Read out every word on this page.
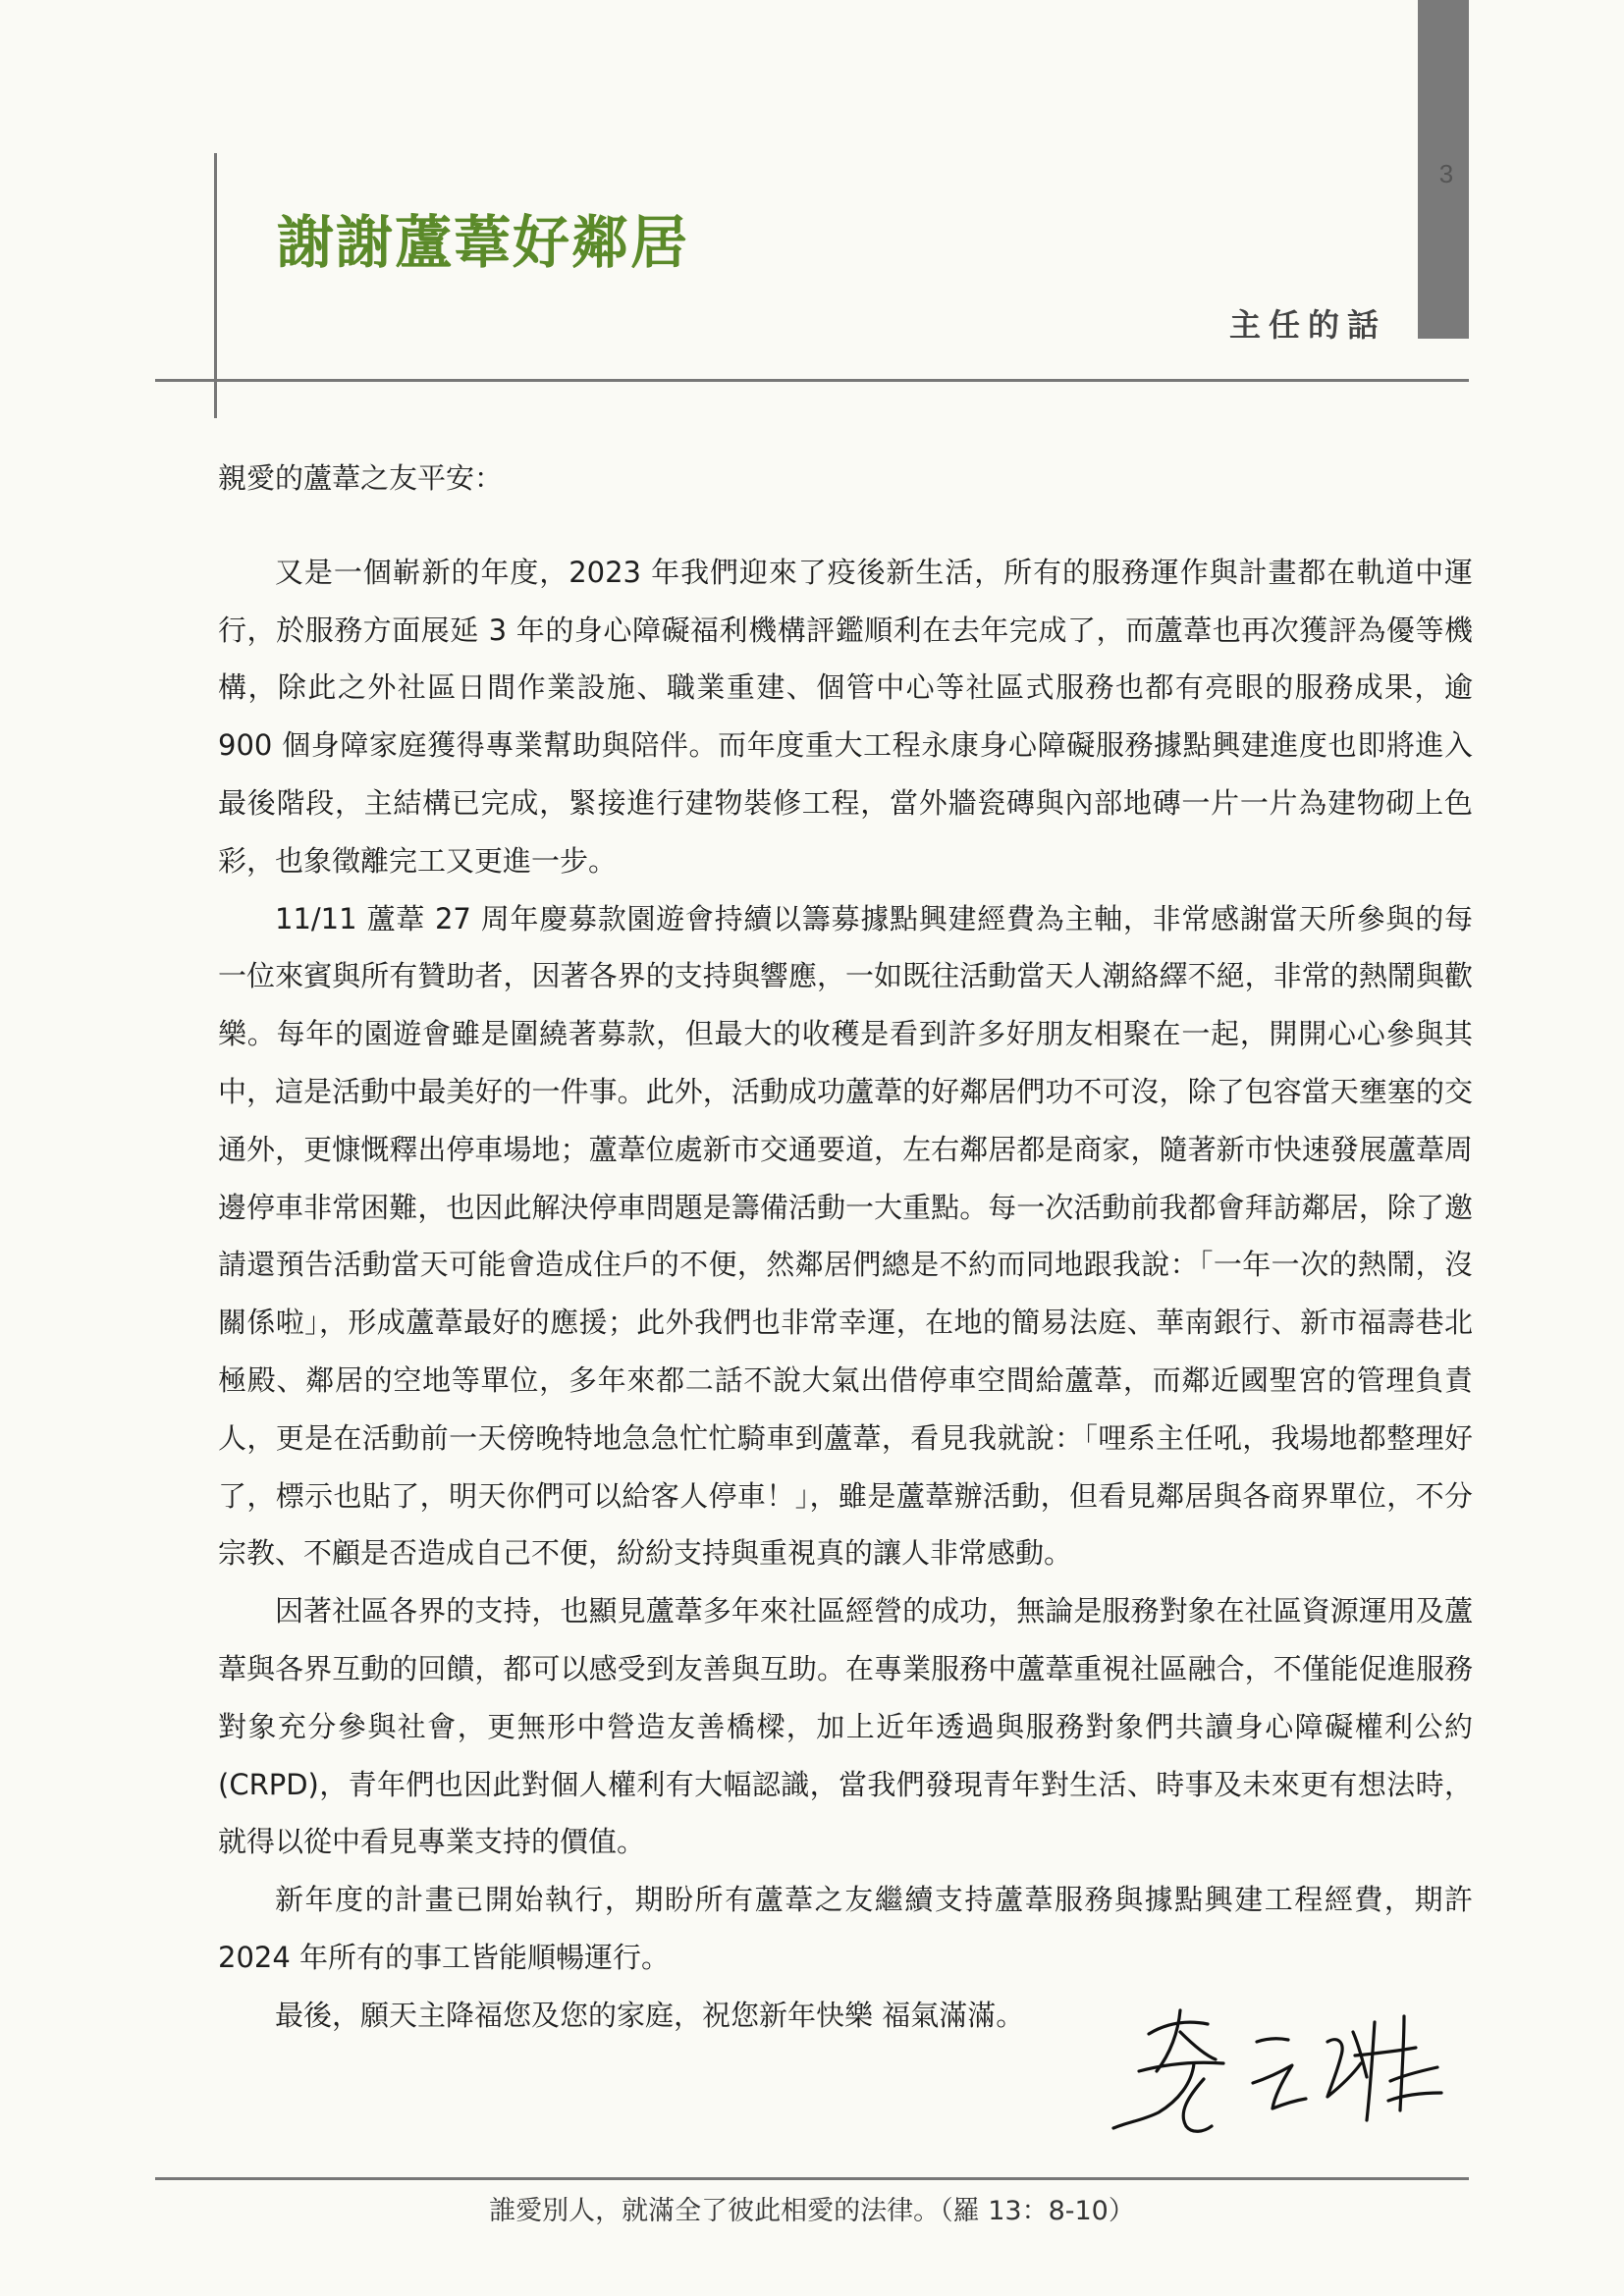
3
謝謝蘆葦好鄰居
主任的話

親愛的蘆葦之友平安：

又是一個嶄新的年度，2023 年我們迎來了疫後新生活，所有的服務運作與計畫都在軌道中運行，於服務方面展延 3 年的身心障礙福利機構評鑑順利在去年完成了，而蘆葦也再次獲評為優等機構，除此之外社區日間作業設施、職業重建、個管中心等社區式服務也都有亮眼的服務成果，逾 900 個身障家庭獲得專業幫助與陪伴。而年度重大工程永康身心障礙服務據點興建進度也即將進入最後階段，主結構已完成，緊接進行建物裝修工程，當外牆瓷磚與內部地磚一片一片為建物砌上色彩，也象徵離完工又更進一步。

11/11 蘆葦 27 周年慶募款園遊會持續以籌募據點興建經費為主軸，非常感謝當天所參與的每一位來賓與所有贊助者，因著各界的支持與響應，一如既往活動當天人潮絡繹不絕，非常的熱鬧與歡樂。每年的園遊會雖是圍繞著募款，但最大的收穫是看到許多好朋友相聚在一起，開開心心參與其中，這是活動中最美好的一件事。此外，活動成功蘆葦的好鄰居們功不可沒，除了包容當天壅塞的交通外，更慷慨釋出停車場地；蘆葦位處新市交通要道，左右鄰居都是商家，隨著新市快速發展蘆葦周邊停車非常困難，也因此解決停車問題是籌備活動一大重點。每一次活動前我都會拜訪鄰居，除了邀請還預告活動當天可能會造成住戶的不便，然鄰居們總是不約而同地跟我說：「一年一次的熱鬧，沒關係啦」，形成蘆葦最好的應援；此外我們也非常幸運，在地的簡易法庭、華南銀行、新市福壽巷北極殿、鄰居的空地等單位，多年來都二話不說大氣出借停車空間給蘆葦，而鄰近國聖宮的管理負責人，更是在活動前一天傍晚特地急急忙忙騎車到蘆葦，看見我就說：「哩系主任吼，我場地都整理好了，標示也貼了，明天你們可以給客人停車！」，雖是蘆葦辦活動，但看見鄰居與各商界單位，不分宗教、不顧是否造成自己不便，紛紛支持與重視真的讓人非常感動。

因著社區各界的支持，也顯見蘆葦多年來社區經營的成功，無論是服務對象在社區資源運用及蘆葦與各界互動的回饋，都可以感受到友善與互助。在專業服務中蘆葦重視社區融合，不僅能促進服務對象充分參與社會，更無形中營造友善橋樑，加上近年透過與服務對象們共讀身心障礙權利公約 (CRPD)，青年們也因此對個人權利有大幅認識，當我們發現青年對生活、時事及未來更有想法時，就得以從中看見專業支持的價值。

新年度的計畫已開始執行，期盼所有蘆葦之友繼續支持蘆葦服務與據點興建工程經費，期許 2024 年所有的事工皆能順暢運行。

最後，願天主降福您及您的家庭，祝您新年快樂 福氣滿滿。

誰愛別人，就滿全了彼此相愛的法律。（羅 13：8-10）
